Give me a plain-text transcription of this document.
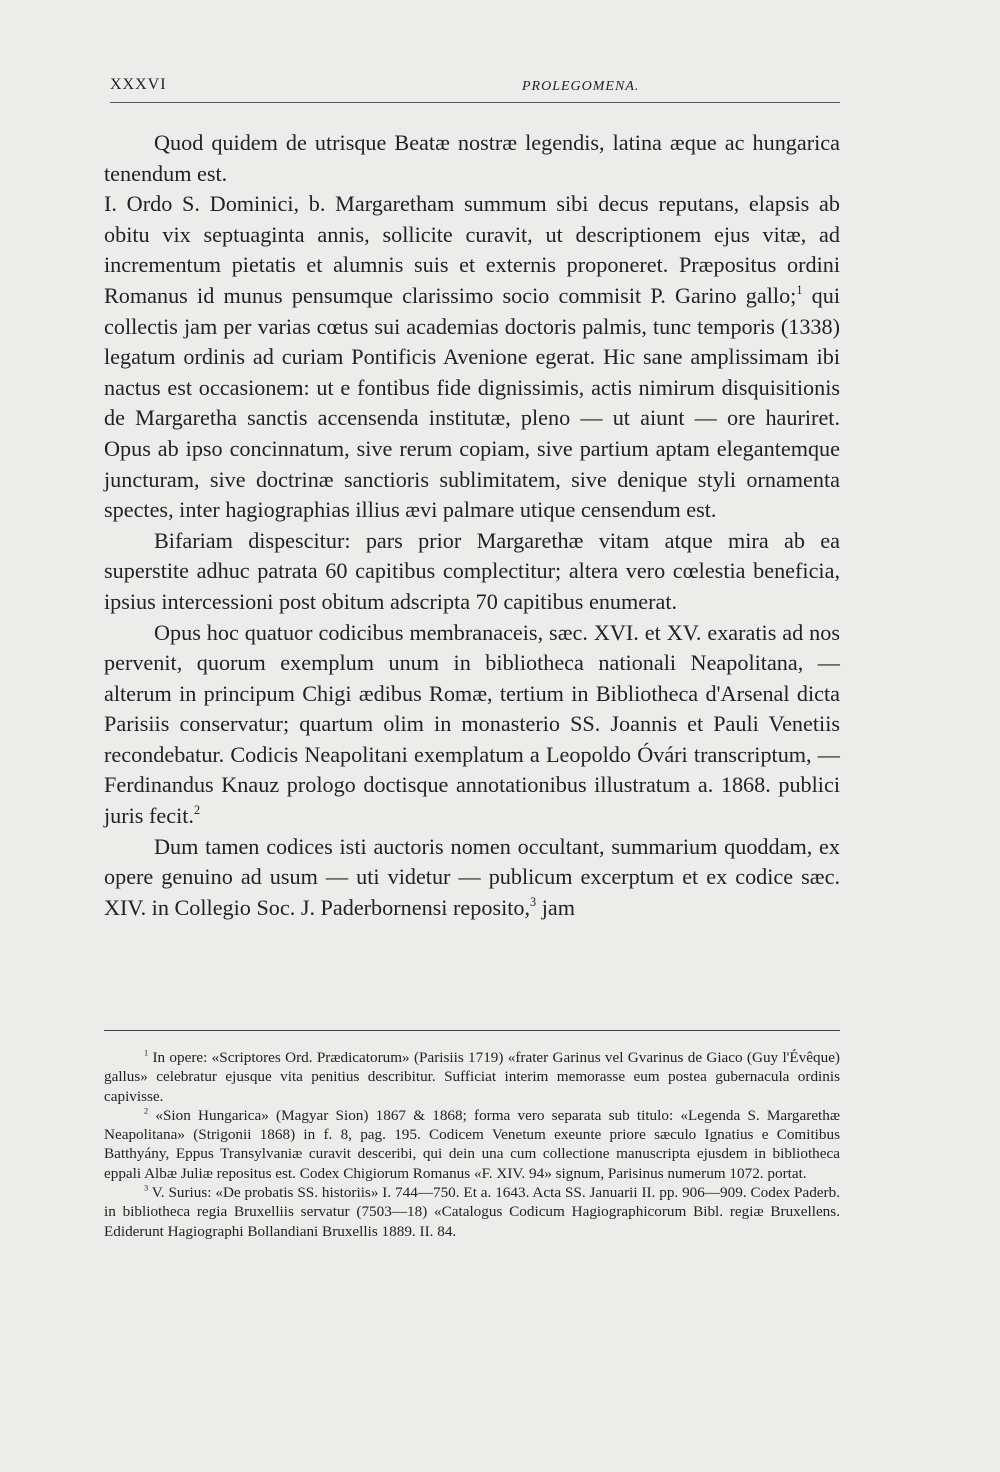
XXXVI	PROLEGOMENA.

Quod quidem de utrisque Beatæ nostræ legendis, latina æque ac hungarica tenendum est.

I. Ordo S. Dominici, b. Margaretham summum sibi decus reputans, elapsis ab obitu vix septuaginta annis, sollicite curavit, ut descriptionem ejus vitæ, ad incrementum pietatis et alumnis suis et externis proponeret. Præpositus ordini Romanus id munus pensumque clarissimo socio commisit P. Garino gallo;$^1$ qui collectis jam per varias cœtus sui academias doctoris palmis, tunc temporis (1338) legatum ordinis ad curiam Pontificis Avenione egerat. Hic sane amplissimam ibi nactus est occasionem: ut e fontibus fide dignissimis, actis nimirum disquisitionis de Margaretha sanctis accensenda institutæ, pleno — ut aiunt — ore hauriret. Opus ab ipso concinnatum, sive rerum copiam, sive partium aptam elegantemque juncturam, sive doctrinæ sanctioris sublimitatem, sive denique styli ornamenta spectes, inter hagiographias illius ævi palmare utique censendum est.

Bifariam dispescitur: pars prior Margarethæ vitam atque mira ab ea superstite adhuc patrata 60 capitibus complectitur; altera vero cœlestia beneficia, ipsius intercessioni post obitum adscripta 70 capitibus enumerat.

Opus hoc quatuor codicibus membranaceis, sæc. XVI. et XV. exaratis ad nos pervenit, quorum exemplum unum in bibliotheca nationali Neapolitana, — alterum in principum Chigi ædibus Romæ, tertium in Bibliotheca d'Arsenal dicta Parisiis conservatur; quartum olim in monasterio SS. Joannis et Pauli Venetiis recondebatur. Codicis Neapolitani exemplatum a Leopoldo Óvári transcriptum, — Ferdinandus Knauz prologo doctisque annotationibus illustratum a. 1868. publici juris fecit.$^2$

Dum tamen codices isti auctoris nomen occultant, summarium quoddam, ex opere genuino ad usum — uti videtur — publicum excerptum et ex codice sæc. XIV. in Collegio Soc. J. Paderbornensi reposito,$^3$ jam

$^1$ In opere: «Scriptores Ord. Prædicatorum» (Parisiis 1719) «frater Garinus vel Gvarinus de Giaco (Guy l'Évêque) gallus» celebratur ejusque vita penitius describitur. Sufficiat interim memorasse eum postea gubernacula ordinis capivisse.

$^2$ «Sion Hungarica» (Magyar Sion) 1867 & 1868; forma vero separata sub titulo: «Legenda S. Margarethæ Neapolitana» (Strigonii 1868) in f. 8, pag. 195. Codicem Venetum exeunte priore sæculo Ignatius e Comitibus Batthyány, Eppus Transylvaniæ curavit desceribi, qui dein una cum collectione manuscripta ejusdem in bibliotheca eppali Albæ Juliæ repositus est. Codex Chigiorum Romanus «F. XIV. 94» signum, Parisinus numerum 1072. portat.

$^3$ V. Surius: «De probatis SS. historiis» I. 744—750. Et a. 1643. Acta SS. Januarii II. pp. 906—909. Codex Paderb. in bibliotheca regia Bruxelliis servatur (7503—18) «Catalogus Codicum Hagiographicorum Bibl. regiæ Bruxellens. Ediderunt Hagiographi Bollandiani Bruxellis 1889. II. 84.
